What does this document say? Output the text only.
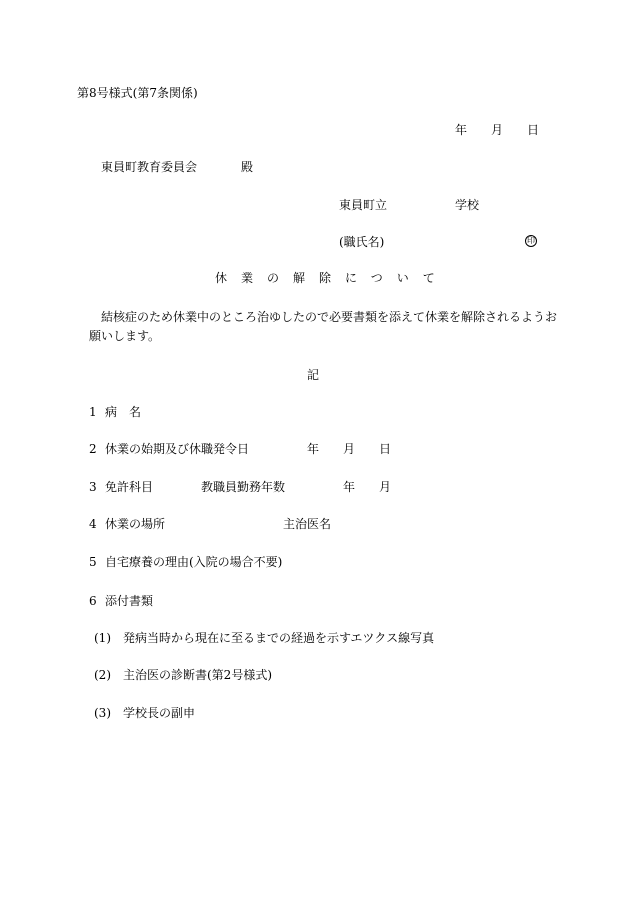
第8号様式(第7条関係)
年 月 日
東員町教育委員会	殿
東員町立	学校
(職氏名)	印
休業の解除について
結核症のため休業中のところ治ゆしたので必要書類を添えて休業を解除されるようお
願いします。
記
1 病　名
2 休業の始期及び休職発令日	年 月 日
3 免許科目	教職員勤務年数	年 月
4 休業の場所	主治医名
5 自宅療養の理由(入院の場合不要)
6 添付書類
(1) 発病当時から現在に至るまでの経過を示すエツクス線写真
(2) 主治医の診断書(第2号様式)
(3) 学校長の副申
